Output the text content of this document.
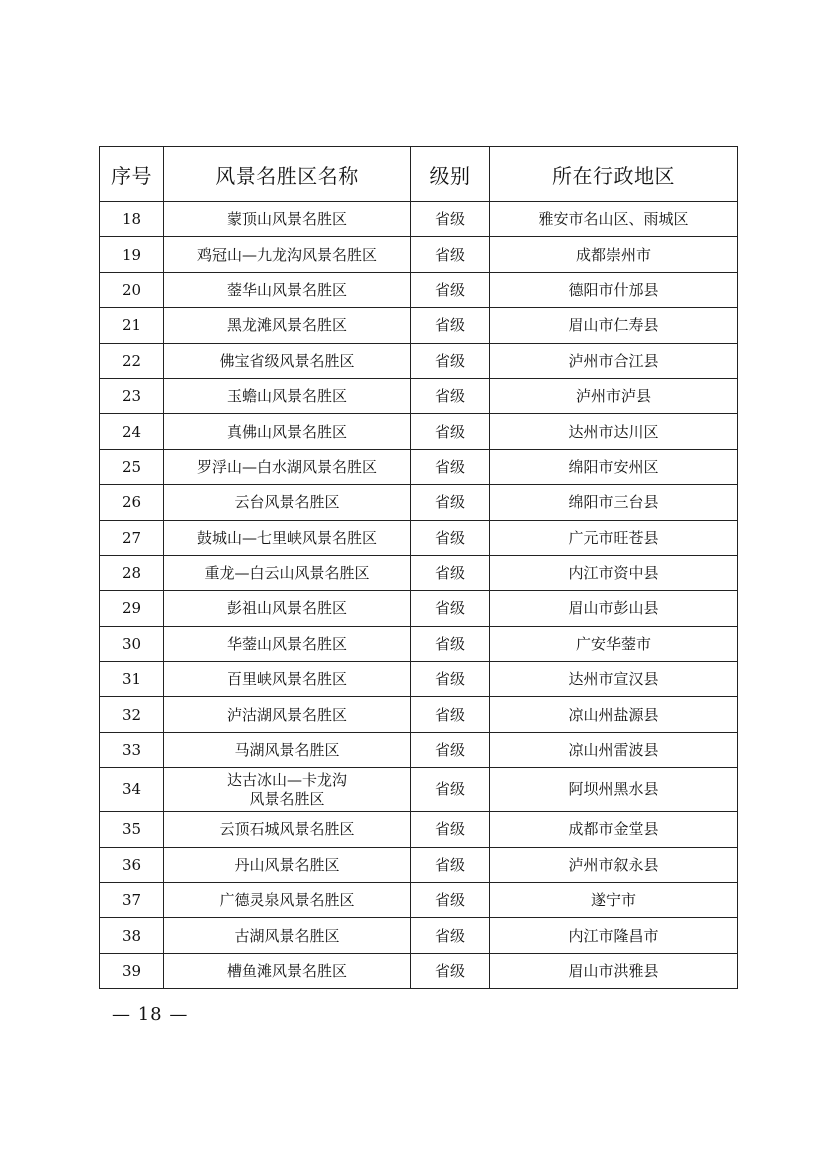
序号	风景名胜区名称	级别	所在行政地区
18	蒙顶山风景名胜区	省级	雅安市名山区、雨城区
19	鸡冠山—九龙沟风景名胜区	省级	成都崇州市
20	蓥华山风景名胜区	省级	德阳市什邡县
21	黑龙滩风景名胜区	省级	眉山市仁寿县
22	佛宝省级风景名胜区	省级	泸州市合江县
23	玉蟾山风景名胜区	省级	泸州市泸县
24	真佛山风景名胜区	省级	达州市达川区
25	罗浮山—白水湖风景名胜区	省级	绵阳市安州区
26	云台风景名胜区	省级	绵阳市三台县
27	鼓城山—七里峡风景名胜区	省级	广元市旺苍县
28	重龙—白云山风景名胜区	省级	内江市资中县
29	彭祖山风景名胜区	省级	眉山市彭山县
30	华蓥山风景名胜区	省级	广安华蓥市
31	百里峡风景名胜区	省级	达州市宣汉县
32	泸沽湖风景名胜区	省级	凉山州盐源县
33	马湖风景名胜区	省级	凉山州雷波县
34	达古冰山—卡龙沟
风景名胜区	省级	阿坝州黑水县
35	云顶石城风景名胜区	省级	成都市金堂县
36	丹山风景名胜区	省级	泸州市叙永县
37	广德灵泉风景名胜区	省级	遂宁市
38	古湖风景名胜区	省级	内江市隆昌市
39	槽鱼滩风景名胜区	省级	眉山市洪雅县
— 18 —
